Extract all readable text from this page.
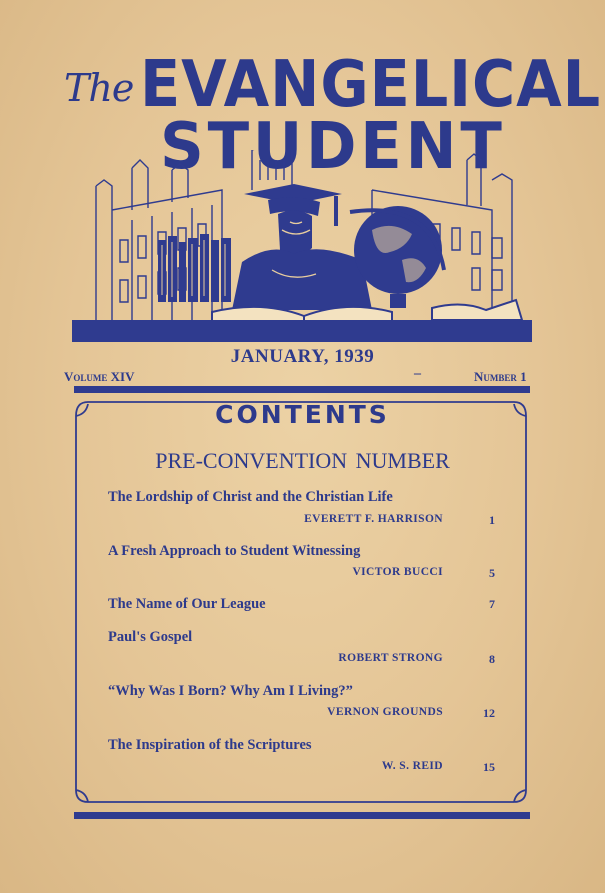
The EVANGELICAL
STUDENT
JANUARY, 1939
Volume XIV	–	Number 1
CONTENTS
PRE-CONVENTION NUMBER
The Lordship of Christ and the Christian Life
EVERETT F. HARRISON	1
A Fresh Approach to Student Witnessing
VICTOR BUCCI	5
The Name of Our League	7
Paul's Gospel
ROBERT STRONG	8
“Why Was I Born? Why Am I Living?”
VERNON GROUNDS	12
The Inspiration of the Scriptures
W. S. REID	15
